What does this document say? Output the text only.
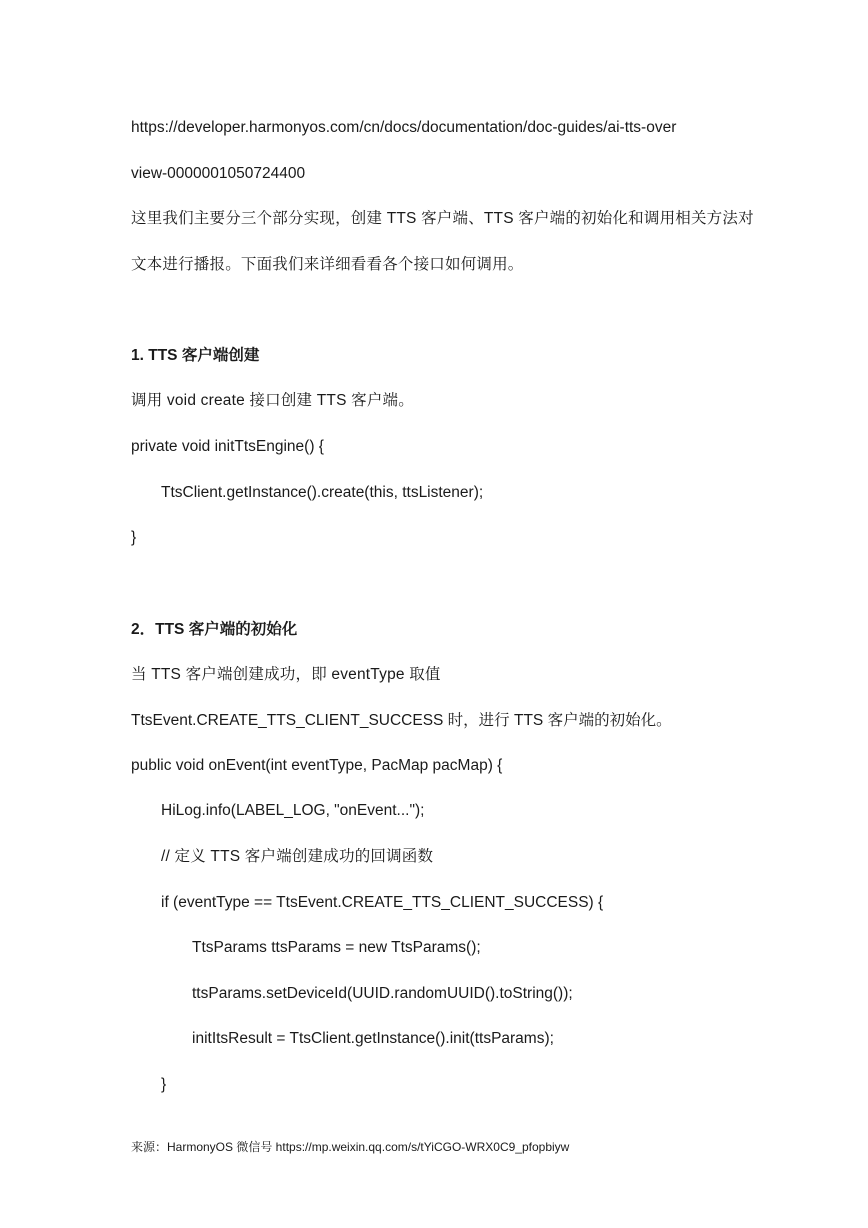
https://developer.harmonyos.com/cn/docs/documentation/doc-guides/ai-tts-over
view-0000001050724400
这里我们主要分三个部分实现，创建 TTS 客户端、TTS 客户端的初始化和调用相关方法对
文本进行播报。下面我们来详细看看各个接口如何调用。
1. TTS 客户端创建
调用 void create 接口创建 TTS 客户端。
private void initTtsEngine() {
TtsClient.getInstance().create(this, ttsListener);
}
2．TTS 客户端的初始化
当 TTS 客户端创建成功，即 eventType 取值
TtsEvent.CREATE_TTS_CLIENT_SUCCESS 时，进行 TTS 客户端的初始化。
public void onEvent(int eventType, PacMap pacMap) {
HiLog.info(LABEL_LOG, "onEvent...");
// 定义 TTS 客户端创建成功的回调函数
if (eventType == TtsEvent.CREATE_TTS_CLIENT_SUCCESS) {
TtsParams ttsParams = new TtsParams();
ttsParams.setDeviceId(UUID.randomUUID().toString());
initItsResult = TtsClient.getInstance().init(ttsParams);
}
来源：HarmonyOS 微信号 https://mp.weixin.qq.com/s/tYiCGO-WRX0C9_pfopbiyw
